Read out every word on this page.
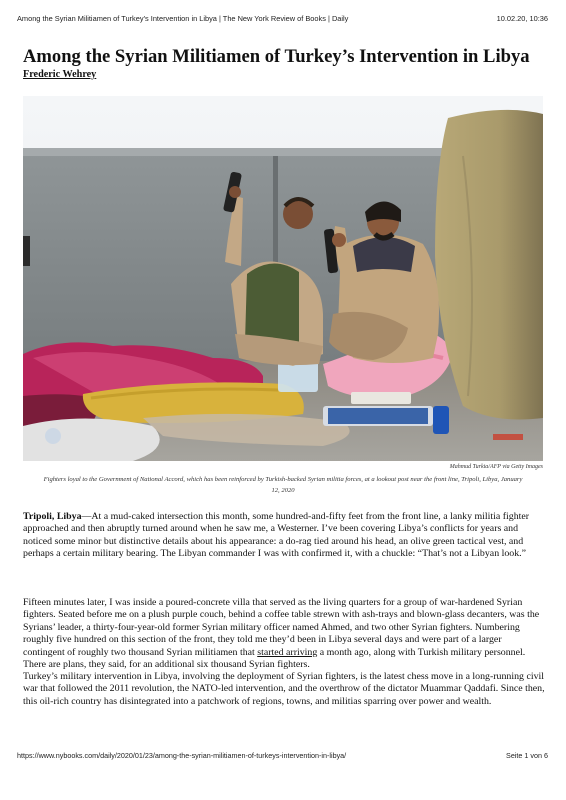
Among the Syrian Militiamen of Turkey’s Intervention in Libya | The New York Review of Books | Daily	10.02.20, 10:36
Among the Syrian Militiamen of Turkey’s Intervention in Libya
Frederic Wehrey
Mahmud Turkia/AFP via Getty Images
Fighters loyal to the Government of National Accord, which has been reinforced by Turkish-backed Syrian militia forces, at a lookout post near the front line, Tripoli, Libya, January 12, 2020

Tripoli, Libya—At a mud-caked intersection this month, some hundred-and-fifty feet from the front line, a lanky militia fighter approached and then abruptly turned around when he saw me, a Westerner. I’ve been covering Libya’s conflicts for years and noticed some minor but distinctive details about his appearance: a do-rag tied around his head, an olive green tactical vest, and perhaps a certain military bearing. The Libyan commander I was with confirmed it, with a chuckle: “That’s not a Libyan look.”

Fifteen minutes later, I was inside a poured-concrete villa that served as the living quarters for a group of war-hardened Syrian fighters. Seated before me on a plush purple couch, behind a coffee table strewn with ash-trays and blown-glass decanters, was the Syrians’ leader, a thirty-four-year-old former Syrian military officer named Ahmed, and two other Syrian fighters. Numbering roughly five hundred on this section of the front, they told me they’d been in Libya several days and were part of a larger contingent of roughly two thousand Syrian militiamen that started arriving a month ago, along with Turkish military personnel. There are plans, they said, for an additional six thousand Syrian fighters.

Turkey’s military intervention in Libya, involving the deployment of Syrian fighters, is the latest chess move in a long-running civil war that followed the 2011 revolution, the NATO-led intervention, and the overthrow of the dictator Muammar Qaddafi. Since then, this oil-rich country has disintegrated into a patchwork of regions, towns, and militias sparring over power and wealth.

https://www.nybooks.com/daily/2020/01/23/among-the-syrian-militiamen-of-turkeys-intervention-in-libya/	Seite 1 von 6
